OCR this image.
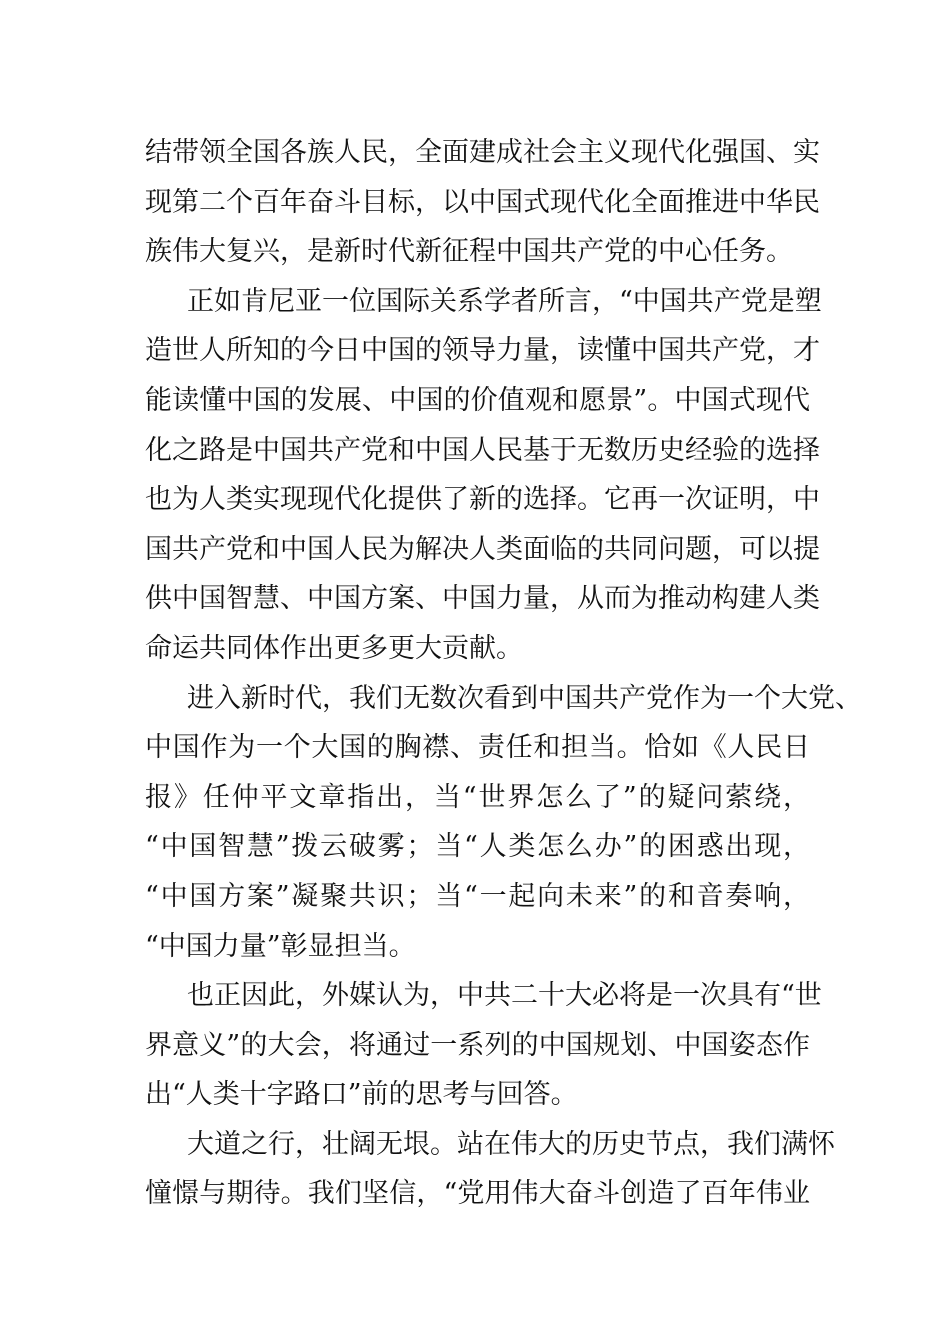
结带领全国各族人民，全面建成社会主义现代化强国、实
现第二个百年奋斗目标，以中国式现代化全面推进中华民
族伟大复兴，是新时代新征程中国共产党的中心任务。
正如肯尼亚一位国际关系学者所言，“中国共产党是塑
造世人所知的今日中国的领导力量，读懂中国共产党，才
能读懂中国的发展、中国的价值观和愿景”。中国式现代
化之路是中国共产党和中国人民基于无数历史经验的选择
也为人类实现现代化提供了新的选择。它再一次证明，中
国共产党和中国人民为解决人类面临的共同问题，可以提
供中国智慧、中国方案、中国力量，从而为推动构建人类
命运共同体作出更多更大贡献。
进入新时代，我们无数次看到中国共产党作为一个大党、
中国作为一个大国的胸襟、责任和担当。恰如《人民日
报》任仲平文章指出，当“世界怎么了”的疑问萦绕，
“中国智慧”拨云破雾；当“人类怎么办”的困惑出现，
“中国方案”凝聚共识；当“一起向未来”的和音奏响，
“中国力量”彰显担当。
也正因此，外媒认为，中共二十大必将是一次具有“世
界意义”的大会，将通过一系列的中国规划、中国姿态作
出“人类十字路口”前的思考与回答。
大道之行，壮阔无垠。站在伟大的历史节点，我们满怀
憧憬与期待。我们坚信，“党用伟大奋斗创造了百年伟业
